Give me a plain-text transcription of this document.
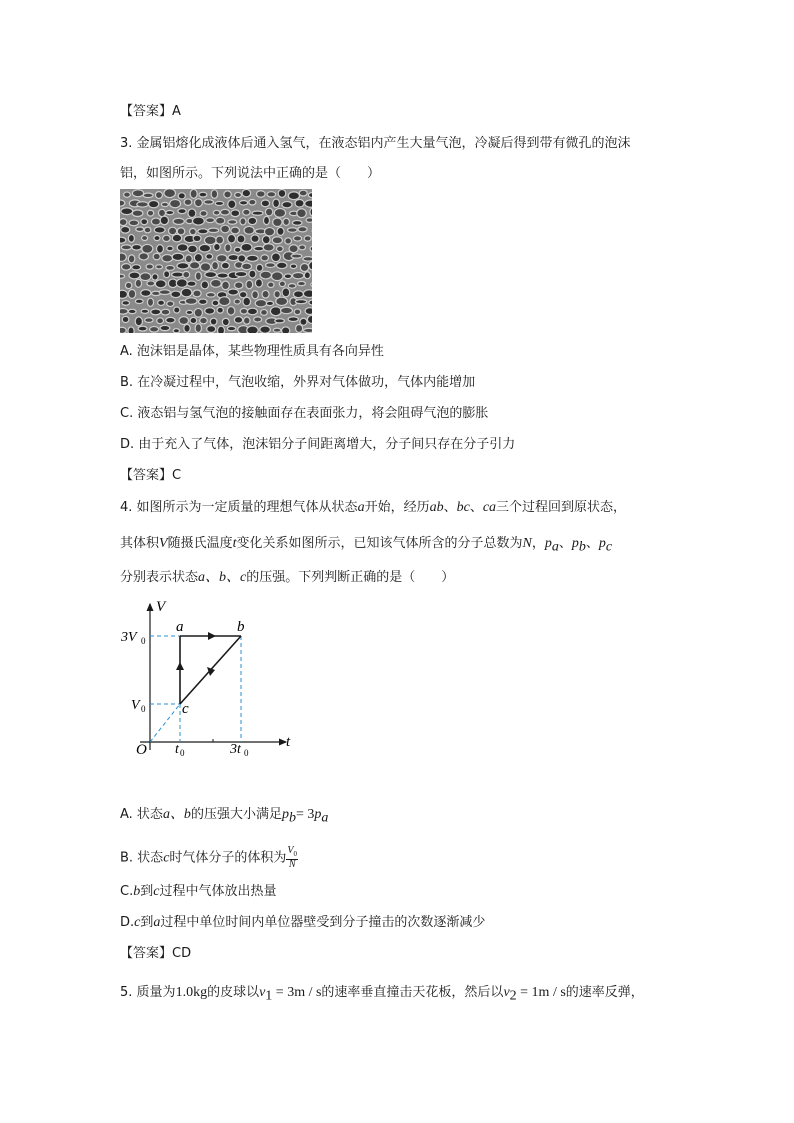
【答案】A
3. 金属铝熔化成液体后通入氢气，在液态铝内产生大量气泡，冷凝后得到带有微孔的泡沫
铝，如图所示。下列说法中正确的是（　　）
A. 泡沫铝是晶体，某些物理性质具有各向异性
B. 在冷凝过程中，气泡收缩，外界对气体做功，气体内能增加
C. 液态铝与氢气泡的接触面存在表面张力，将会阻碍气泡的膨胀
D. 由于充入了气体，泡沫铝分子间距离增大，分子间只存在分子引力
【答案】C
4. 如图所示为一定质量的理想气体从状态a开始，经历ab、bc、ca三个过程回到原状态，
其体积V随摄氏温度t变化关系如图所示，已知该气体所含的分子总数为N，$p_a$、$p_b$、$p_c$
分别表示状态a、b、c的压强。下列判断正确的是（　　）
V
t
O
a	b
c
3V 0
V 0
t 0	3t 0
A. 状态a、b的压强大小满足$p_b= 3p_a$
B. 状态c时气体分子的体积为 $\frac{V_0}{N}$
C.b到c过程中气体放出热量
D.c到a过程中单位时间内单位器壁受到分子撞击的次数逐渐减少
【答案】CD
5. 质量为1.0kg的皮球以$v_1 = 3m / s$的速率垂直撞击天花板，然后以$v_2 = 1m / s$的速率反弹，
